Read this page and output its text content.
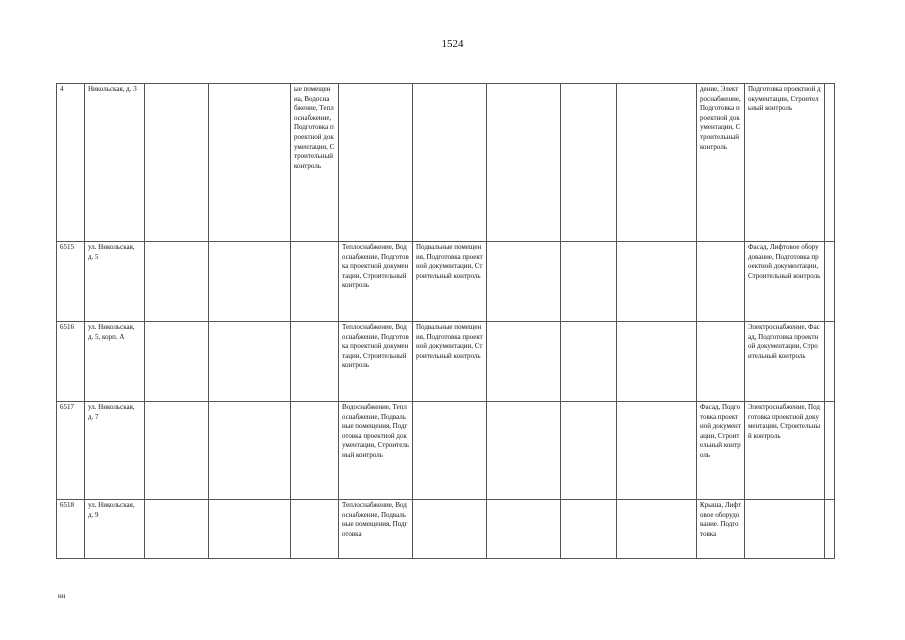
1524
4	Никольская, д. 3			ые помещениa, Водоснабжение, Теплоснабжение, Подготовка проектной документации, Строительный контроль						дение, Электроснабжение, Подготовка проектной документации, Строительный контроль	Подготовка проектной документации, Строительный контроль	

6515	ул. Никольская, д. 5				Теплоснабжение, Водоснабжение, Подготовка проектной документации, Строительный контроль	Подвальные помещения, Подготовка проектной документации, Строительный контроль					Фасад, Лифтовое оборудование, Подготовка проектной документации, Строительный контроль	

6516	ул. Никольская, д. 5, корп. А				Теплоснабжение, Водоснабжение, Подготовка проектной документации, Строительный контроль	Подвальные помещения, Подготовка проектной документации, Строительный контроль					Электроснабжение, Фасад, Подготовка проектной документации, Строительный контроль	

6517	ул. Никольская, д. 7				Водоснабжение, Теплоснабжение, Подвальные помещения, Подготовка проектной документации, Строительный контроль					Фасад, Подготовка проектной документации, Строительный контроль	Электроснабжение, Подготовка проектной документации, Строительный контроль	

6518	ул. Никольская, д. 9				Теплоснабжение, Водоснабжение, Подвальные помещения, Подготовка					Крыша, Лифтовое оборудование. Подготовка		

нн
